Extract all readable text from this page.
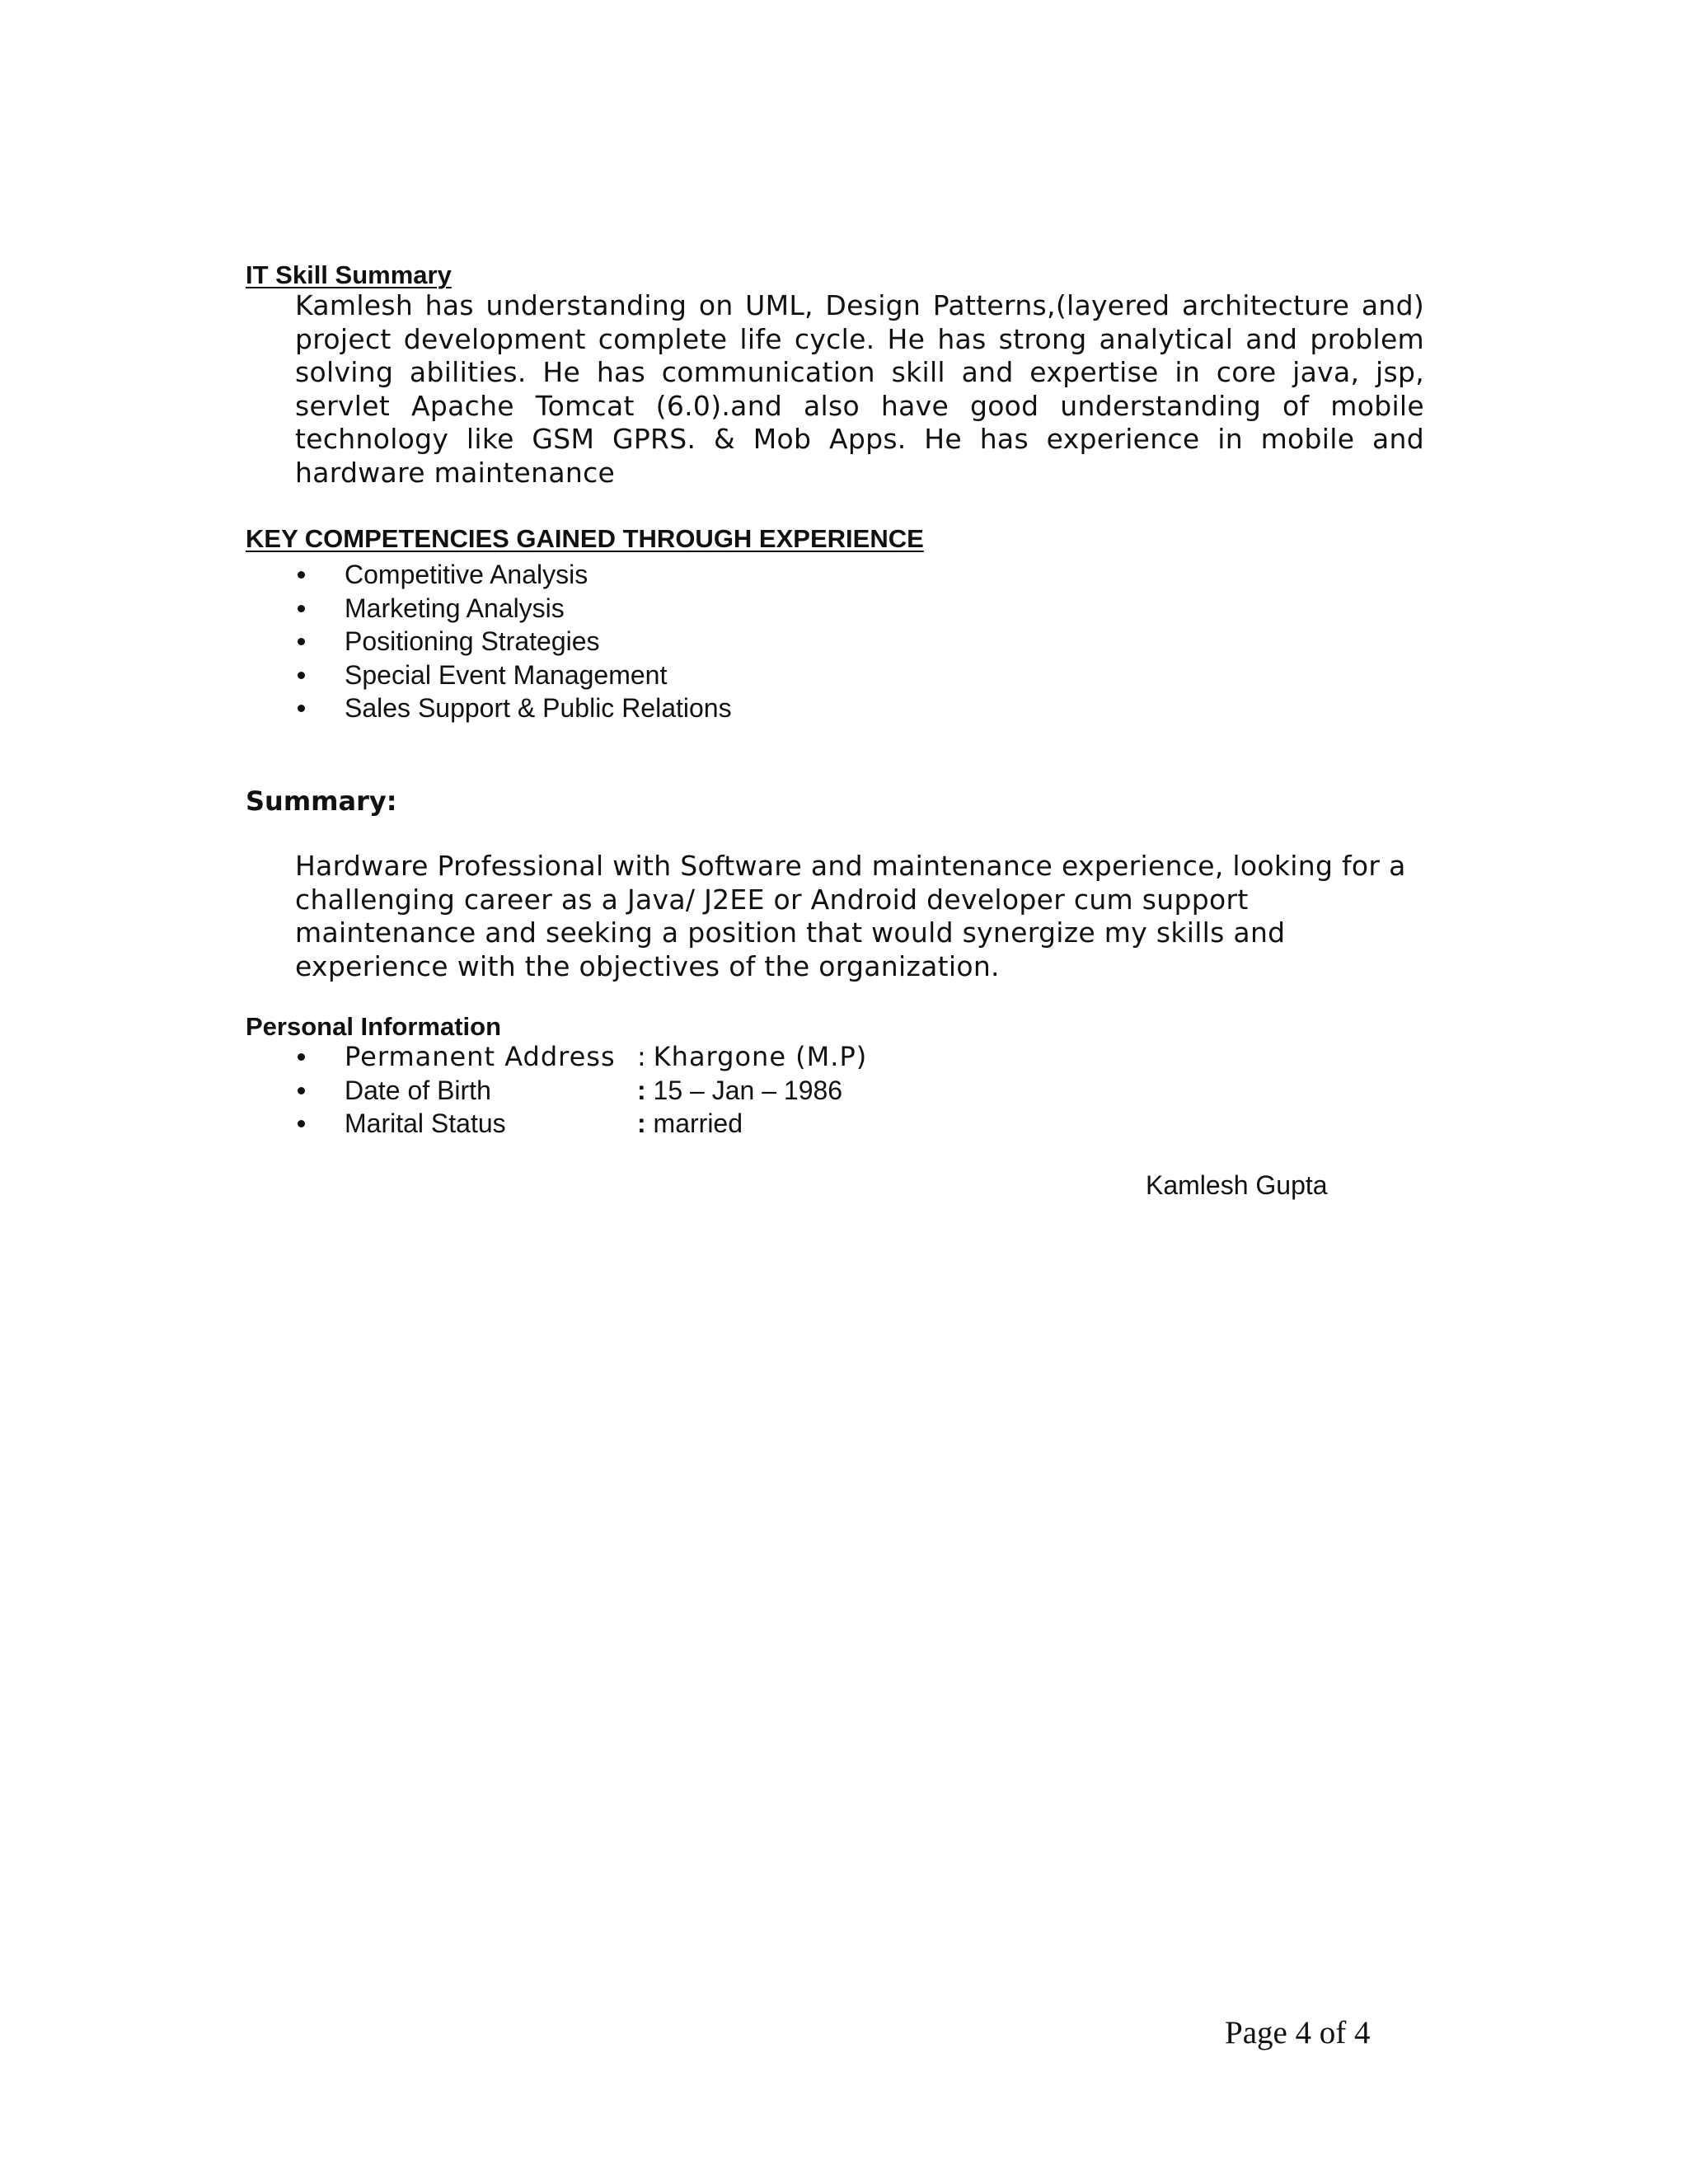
IT Skill Summary
Kamlesh has understanding on UML, Design Patterns,(layered architecture and)
project development complete life cycle. He has strong analytical and problem
solving abilities. He has communication skill and expertise in core java, jsp,
servlet Apache Tomcat (6.0).and also have good understanding of mobile
technology like GSM GPRS. & Mob Apps. He has experience in mobile and
hardware maintenance
KEY COMPETENCIES GAINED THROUGH EXPERIENCE
Competitive Analysis
Marketing Analysis
Positioning Strategies
Special Event Management
Sales Support & Public Relations
Summary:
Hardware Professional with Software and maintenance experience, looking for a
challenging career as a Java/ J2EE or Android developer cum support
maintenance and seeking a position that would synergize my skills and
experience with the objectives of the organization.
Personal Information
Permanent Address : Khargone (M.P)
Date of Birth	: 15 – Jan – 1986
Marital Status	: married
Kamlesh Gupta
Page 4 of 4
